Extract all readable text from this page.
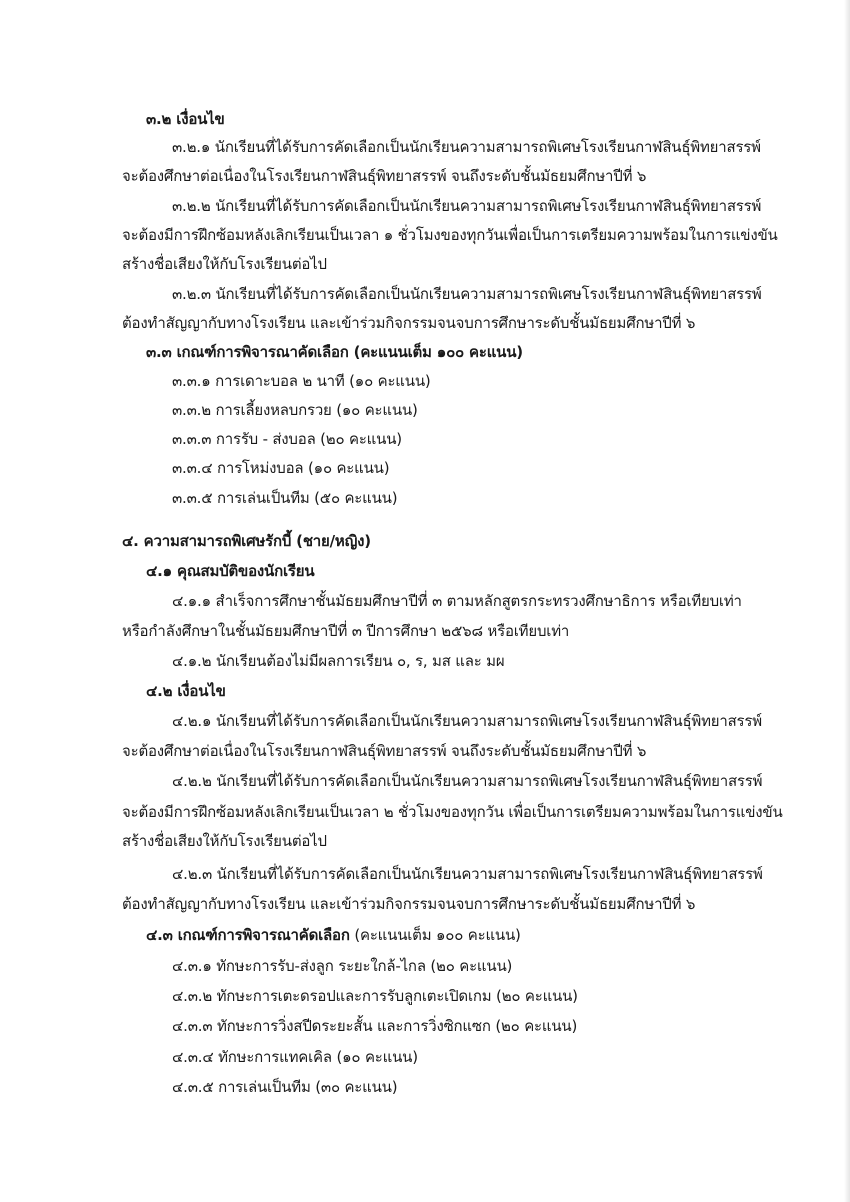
๓.๒ เงื่อนไข
๓.๒.๑ นักเรียนที่ได้รับการคัดเลือกเป็นนักเรียนความสามารถพิเศษโรงเรียนกาฬสินธุ์พิทยาสรรพ์
จะต้องศึกษาต่อเนื่องในโรงเรียนกาฬสินธุ์พิทยาสรรพ์ จนถึงระดับชั้นมัธยมศึกษาปีที่ ๖
๓.๒.๒ นักเรียนที่ได้รับการคัดเลือกเป็นนักเรียนความสามารถพิเศษโรงเรียนกาฬสินธุ์พิทยาสรรพ์
จะต้องมีการฝึกซ้อมหลังเลิกเรียนเป็นเวลา ๑ ชั่วโมงของทุกวันเพื่อเป็นการเตรียมความพร้อมในการแข่งขัน
สร้างชื่อเสียงให้กับโรงเรียนต่อไป
๓.๒.๓ นักเรียนที่ได้รับการคัดเลือกเป็นนักเรียนความสามารถพิเศษโรงเรียนกาฬสินธุ์พิทยาสรรพ์
ต้องทำสัญญากับทางโรงเรียน และเข้าร่วมกิจกรรมจนจบการศึกษาระดับชั้นมัธยมศึกษาปีที่ ๖
๓.๓ เกณฑ์การพิจารณาคัดเลือก (คะแนนเต็ม ๑๐๐ คะแนน)
๓.๓.๑ การเดาะบอล ๒ นาที (๑๐ คะแนน)
๓.๓.๒ การเลี้ยงหลบกรวย (๑๐ คะแนน)
๓.๓.๓ การรับ - ส่งบอล (๒๐ คะแนน)
๓.๓.๔ การโหม่งบอล (๑๐ คะแนน)
๓.๓.๕ การเล่นเป็นทีม (๕๐ คะแนน)
๔. ความสามารถพิเศษรักบี้ (ชาย/หญิง)
๔.๑ คุณสมบัติของนักเรียน
๔.๑.๑ สำเร็จการศึกษาชั้นมัธยมศึกษาปีที่ ๓ ตามหลักสูตรกระทรวงศึกษาธิการ หรือเทียบเท่า
หรือกำลังศึกษาในชั้นมัธยมศึกษาปีที่ ๓ ปีการศึกษา ๒๕๖๘ หรือเทียบเท่า
๔.๑.๒ นักเรียนต้องไม่มีผลการเรียน ๐, ร, มส และ มผ
๔.๒ เงื่อนไข
๔.๒.๑ นักเรียนที่ได้รับการคัดเลือกเป็นนักเรียนความสามารถพิเศษโรงเรียนกาฬสินธุ์พิทยาสรรพ์
จะต้องศึกษาต่อเนื่องในโรงเรียนกาฬสินธุ์พิทยาสรรพ์ จนถึงระดับชั้นมัธยมศึกษาปีที่ ๖
๔.๒.๒ นักเรียนที่ได้รับการคัดเลือกเป็นนักเรียนความสามารถพิเศษโรงเรียนกาฬสินธุ์พิทยาสรรพ์
จะต้องมีการฝึกซ้อมหลังเลิกเรียนเป็นเวลา ๒ ชั่วโมงของทุกวัน เพื่อเป็นการเตรียมความพร้อมในการแข่งขัน
สร้างชื่อเสียงให้กับโรงเรียนต่อไป
๔.๒.๓ นักเรียนที่ได้รับการคัดเลือกเป็นนักเรียนความสามารถพิเศษโรงเรียนกาฬสินธุ์พิทยาสรรพ์
ต้องทำสัญญากับทางโรงเรียน และเข้าร่วมกิจกรรมจนจบการศึกษาระดับชั้นมัธยมศึกษาปีที่ ๖
๔.๓ เกณฑ์การพิจารณาคัดเลือก (คะแนนเต็ม ๑๐๐ คะแนน)
๔.๓.๑ ทักษะการรับ-ส่งลูก ระยะใกล้-ไกล (๒๐ คะแนน)
๔.๓.๒ ทักษะการเตะดรอปและการรับลูกเตะเปิดเกม (๒๐ คะแนน)
๔.๓.๓ ทักษะการวิ่งสปีดระยะสั้น และการวิ่งซิกแซก (๒๐ คะแนน)
๔.๓.๔ ทักษะการแทคเคิล (๑๐ คะแนน)
๔.๓.๕ การเล่นเป็นทีม (๓๐ คะแนน)
